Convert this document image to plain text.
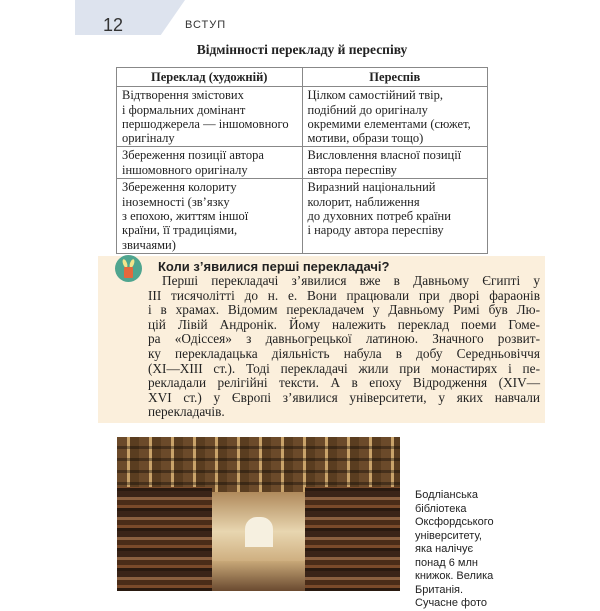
12	ВСТУП
Відмінності перекладу й переспіву
Переклад (художній)	Переспів

Відтворення змістових
і формальних домінант
першоджерела — іншомовного
оригіналу	Цілком самостійний твір,
подібний до оригіналу
окремими елементами (сюжет,
мотиви, образи тощо)

Збереження позиції автора
іншомовного оригіналу	Висловлення власної позиції
автора переспіву

Збереження колориту
іноземності (зв’язку
з епохою, життям іншої
країни, її традиціями,
звичаями)	Виразний національний
колорит, наближення
до духовних потреб країни
і народу автора переспіву
Коли з’явилися перші перекладачі?
Перші перекладачі з’явилися вже в Давньому Єгипті у
III тисячолітті до н. е. Вони працювали при дворі фараонів
і в храмах. Відомим перекладачем у Давньому Римі був Лю-
цій Лівій Андронік. Йому належить переклад поеми Гоме-
ра «Одіссея» з давньогрецької латиною. Значного розвит-
ку перекладацька діяльність набула в добу Середньовіччя
(XI—XIII ст.). Тоді перекладачі жили при монастирях і пе-
рекладали релігійні тексти. А в епоху Відродження (XIV—
XVI ст.) у Європі з’явилися університети, у яких навчали
перекладачів.
Бодліанська
бібліотека
Оксфордського
університету,
яка налічує
понад 6 млн
книжок. Велика
Британія.
Сучасне фото
